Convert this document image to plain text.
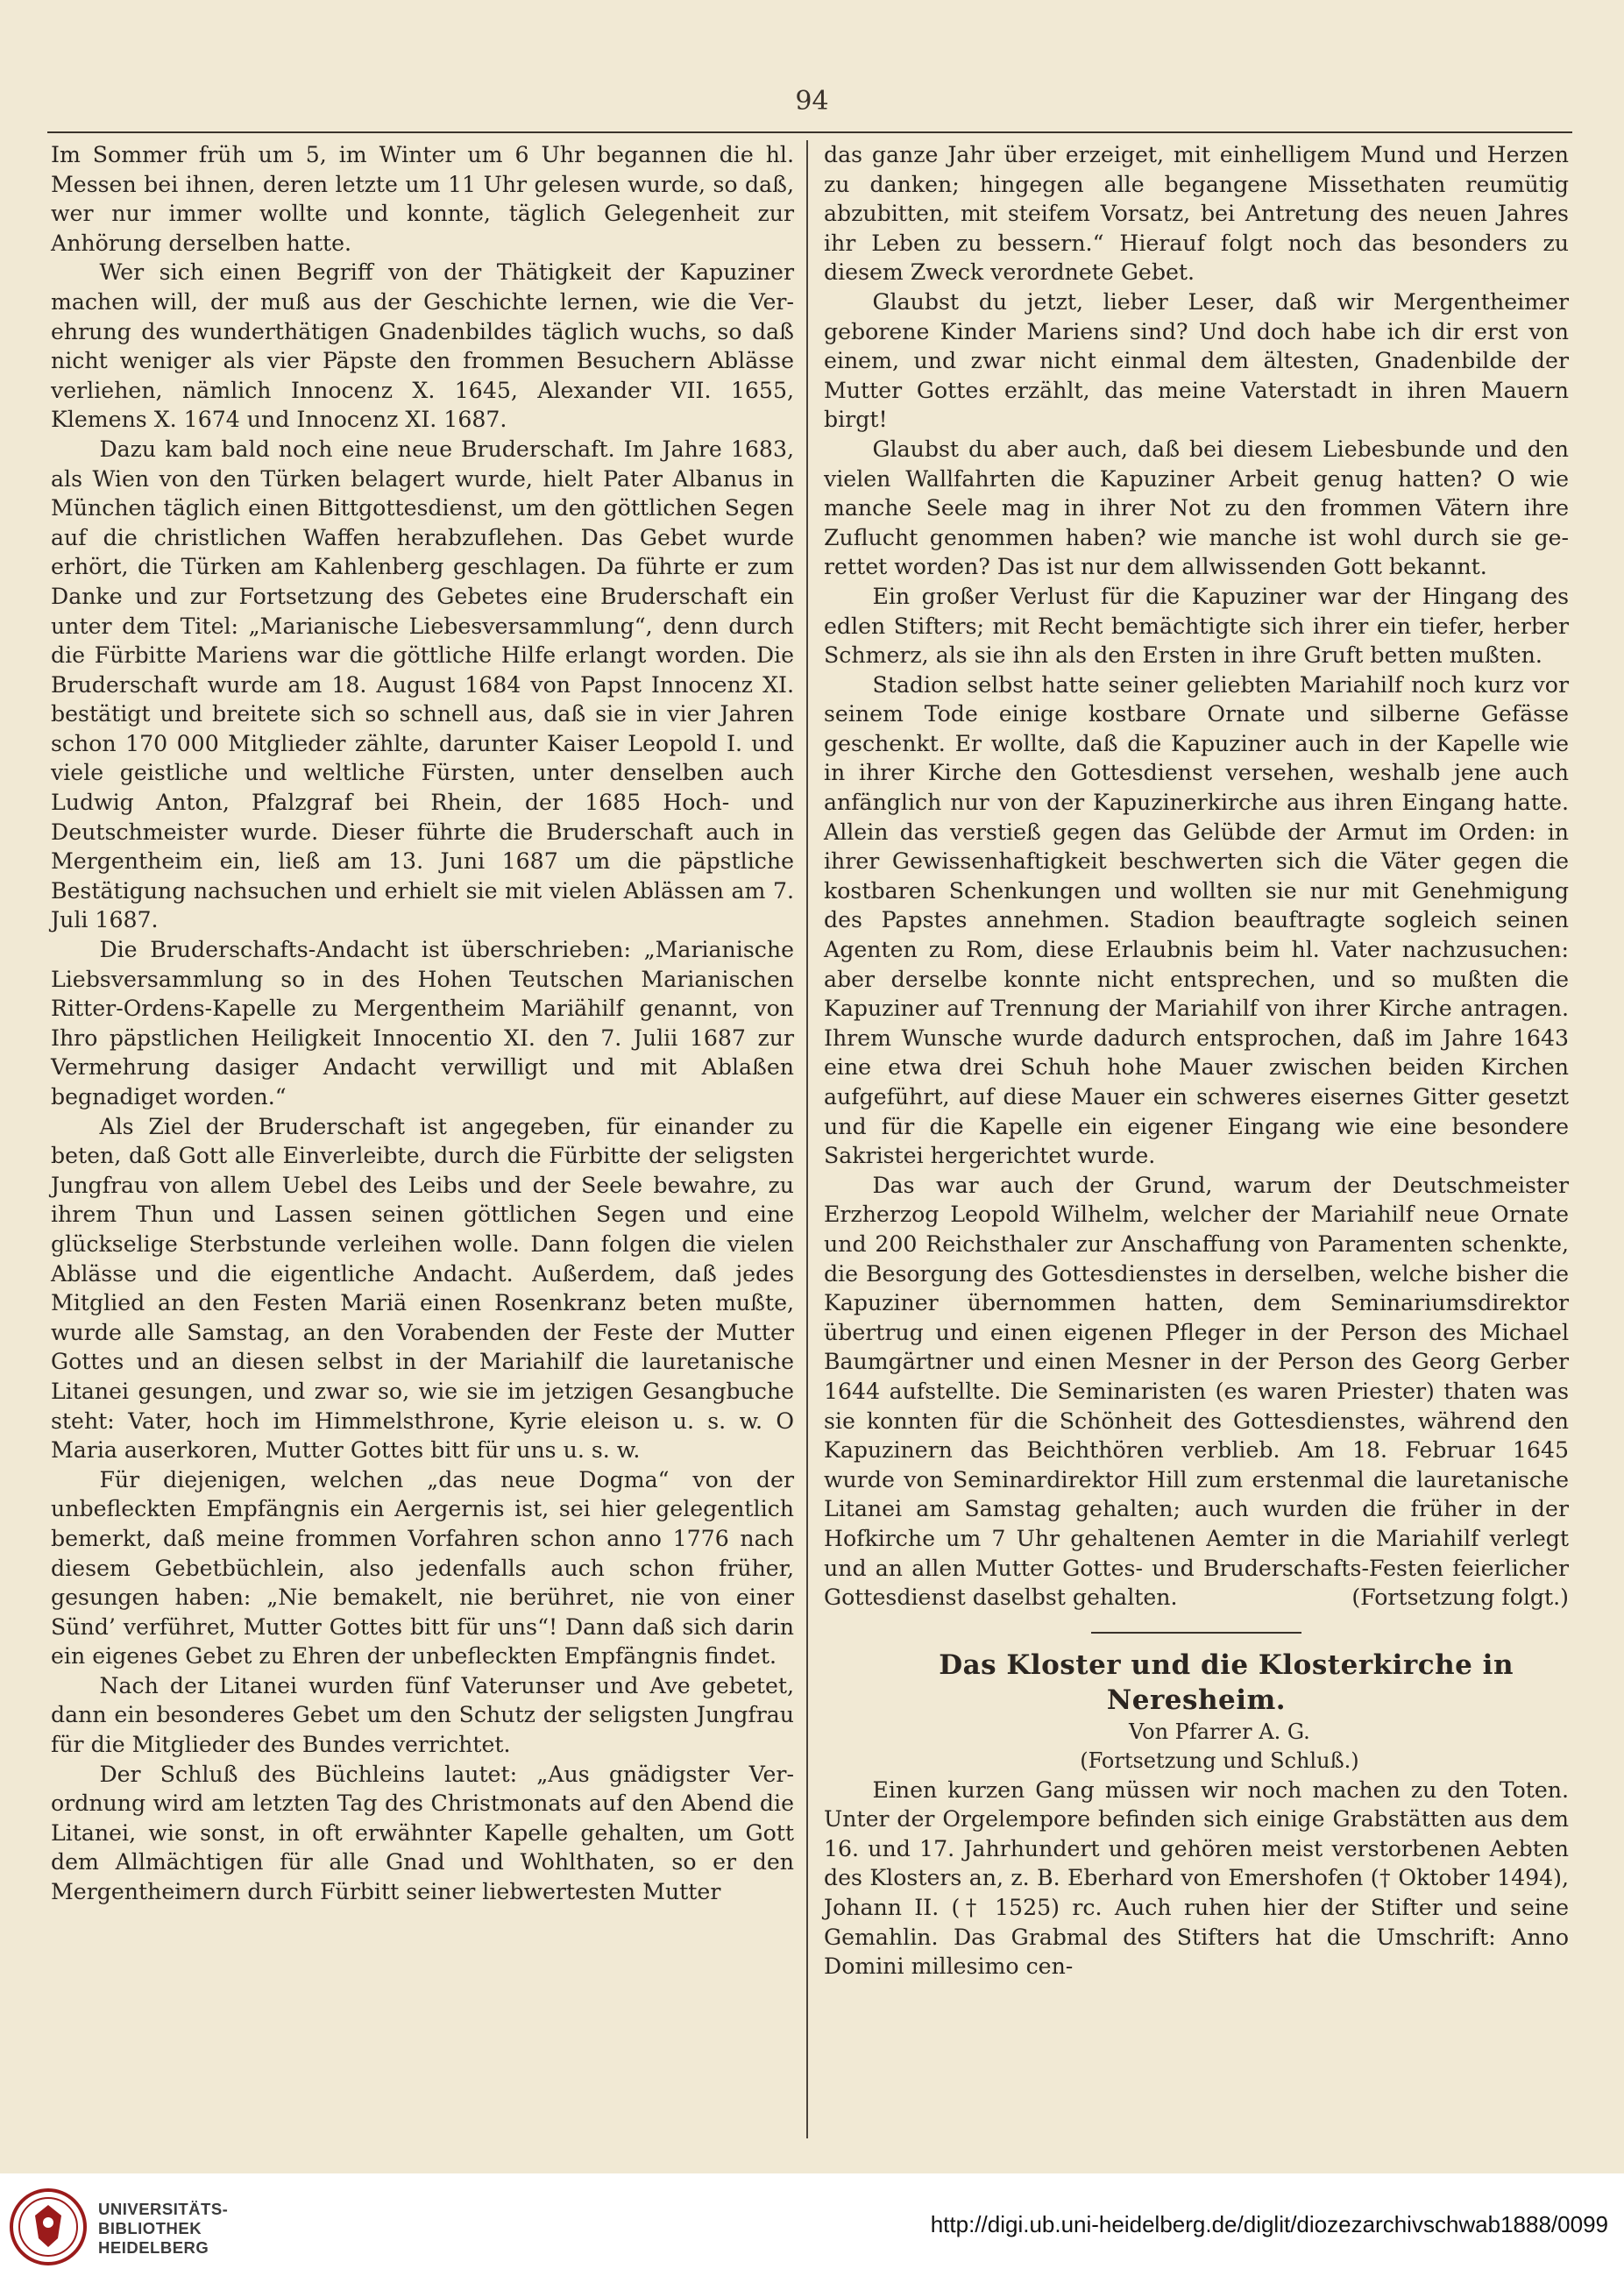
94

Im Sommer früh um 5, im Winter um 6 Uhr begannen die hl. Messen bei ihnen, deren letzte um 11 Uhr gelesen wurde, so daß, wer nur immer wollte und konnte, täglich Gelegenheit zur Anhörung derselben hatte.

Wer sich einen Begriff von der Thätigkeit der Kapuziner machen will, der muß aus der Geschichte lernen, wie die Verehrung des wunderthätigen Gnadenbildes täglich wuchs, so daß nicht weniger als vier Päpste den frommen Besuchern Ablässe verliehen, nämlich Innocenz X. 1645, Alexander VII. 1655, Klemens X. 1674 und Innocenz XI. 1687.

Dazu kam bald noch eine neue Bruderschaft. Im Jahre 1683, als Wien von den Türken belagert wurde, hielt Pater Albanus in München täglich einen Bittgottesdienst, um den göttlichen Segen auf die christlichen Waffen herabzuflehen. Das Gebet wurde erhört, die Türken am Kahlenberg geschlagen. Da führte er zum Danke und zur Fortsetzung des Gebetes eine Bruderschaft ein unter dem Titel: „Marianische Liebesversammlung“, denn durch die Fürbitte Mariens war die göttliche Hilfe erlangt worden. Die Bruderschaft wurde am 18. August 1684 von Papst Innocenz XI. bestätigt und breitete sich so schnell aus, daß sie in vier Jahren schon 170 000 Mitglieder zählte, darunter Kaiser Leopold I. und viele geistliche und weltliche Fürsten, unter denselben auch Ludwig Anton, Pfalzgraf bei Rhein, der 1685 Hoch- und Deutschmeister wurde. Dieser führte die Bruderschaft auch in Mergentheim ein, ließ am 13. Juni 1687 um die päpstliche Bestätigung nachsuchen und erhielt sie mit vielen Ablässen am 7. Juli 1687.

Die Bruderschafts-Andacht ist überschrieben: „Marianische Liebsversammlung so in des Hohen Teutschen Marianischen Ritter-Ordens-Kapelle zu Mergentheim Mariähilf genannt, von Ihro päpstlichen Heiligkeit Innocentio XI. den 7. Julii 1687 zur Vermehrung dasiger Andacht verwilligt und mit Ablaßen begnadiget worden.“

Als Ziel der Bruderschaft ist angegeben, für einander zu beten, daß Gott alle Einverleibte, durch die Fürbitte der seligsten Jungfrau von allem Uebel des Leibs und der Seele bewahre, zu ihrem Thun und Lassen seinen göttlichen Segen und eine glückselige Sterbstunde verleihen wolle. Dann folgen die vielen Ablässe und die eigentliche Andacht. Außerdem, daß jedes Mitglied an den Festen Mariä einen Rosenkranz beten mußte, wurde alle Samstag, an den Vorabenden der Feste der Mutter Gottes und an diesen selbst in der Mariahilf die lauretanische Litanei gesungen, und zwar so, wie sie im jetzigen Gesangbuche steht: Vater, hoch im Himmelsthrone, Kyrie eleison u. s. w. O Maria auserkoren, Mutter Gottes bitt für uns u. s. w.

Für diejenigen, welchen „das neue Dogma“ von der unbefleckten Empfängnis ein Aergernis ist, sei hier gelegentlich bemerkt, daß meine frommen Vorfahren schon anno 1776 nach diesem Gebetbüchlein, also jedenfalls auch schon früher, gesungen haben: „Nie bemakelt, nie berühret, nie von einer Sünd’ verführet, Mutter Gottes bitt für uns“! Dann daß sich darin ein eigenes Gebet zu Ehren der unbefleckten Empfängnis findet.

Nach der Litanei wurden fünf Vaterunser und Ave gebetet, dann ein besonderes Gebet um den Schutz der seligsten Jungfrau für die Mitglieder des Bundes verrichtet.

Der Schluß des Büchleins lautet: „Aus gnädigster Verordnung wird am letzten Tag des Christmonats auf den Abend die Litanei, wie sonst, in oft erwähnter Kapelle gehalten, um Gott dem Allmächtigen für alle Gnad und Wohlthaten, so er den Mergentheimern durch Fürbitt seiner liebwertesten Mutter

das ganze Jahr über erzeiget, mit einhelligem Mund und Herzen zu danken; hingegen alle begangene Missethaten reumütig abzubitten, mit steifem Vorsatz, bei Antretung des neuen Jahres ihr Leben zu bessern.“ Hierauf folgt noch das besonders zu diesem Zweck verordnete Gebet.

Glaubst du jetzt, lieber Leser, daß wir Mergentheimer geborene Kinder Mariens sind? Und doch habe ich dir erst von einem, und zwar nicht einmal dem ältesten, Gnadenbilde der Mutter Gottes erzählt, das meine Vaterstadt in ihren Mauern birgt!

Glaubst du aber auch, daß bei diesem Liebesbunde und den vielen Wallfahrten die Kapuziner Arbeit genug hatten? O wie manche Seele mag in ihrer Not zu den frommen Vätern ihre Zuflucht genommen haben? wie manche ist wohl durch sie gerettet worden? Das ist nur dem allwissenden Gott bekannt.

Ein großer Verlust für die Kapuziner war der Hingang des edlen Stifters; mit Recht bemächtigte sich ihrer ein tiefer, herber Schmerz, als sie ihn als den Ersten in ihre Gruft betten mußten.

Stadion selbst hatte seiner geliebten Mariahilf noch kurz vor seinem Tode einige kostbare Ornate und silberne Gefässe geschenkt. Er wollte, daß die Kapuziner auch in der Kapelle wie in ihrer Kirche den Gottesdienst versehen, weshalb jene auch anfänglich nur von der Kapuzinerkirche aus ihren Eingang hatte. Allein das verstieß gegen das Gelübde der Armut im Orden: in ihrer Gewissenhaftigkeit beschwerten sich die Väter gegen die kostbaren Schenkungen und wollten sie nur mit Genehmigung des Papstes annehmen. Stadion beauftragte sogleich seinen Agenten zu Rom, diese Erlaubnis beim hl. Vater nachzusuchen: aber derselbe konnte nicht entsprechen, und so mußten die Kapuziner auf Trennung der Mariahilf von ihrer Kirche antragen. Ihrem Wunsche wurde dadurch entsprochen, daß im Jahre 1643 eine etwa drei Schuh hohe Mauer zwischen beiden Kirchen aufgeführt, auf diese Mauer ein schweres eisernes Gitter gesetzt und für die Kapelle ein eigener Eingang wie eine besondere Sakristei hergerichtet wurde.

Das war auch der Grund, warum der Deutschmeister Erzherzog Leopold Wilhelm, welcher der Mariahilf neue Ornate und 200 Reichsthaler zur Anschaffung von Paramenten schenkte, die Besorgung des Gottesdienstes in derselben, welche bisher die Kapuziner übernommen hatten, dem Seminariumsdirektor übertrug und einen eigenen Pfleger in der Person des Michael Baumgärtner und einen Mesner in der Person des Georg Gerber 1644 aufstellte. Die Seminaristen (es waren Priester) thaten was sie konnten für die Schönheit des Gottesdienstes, während den Kapuzinern das Beichthören verblieb. Am 18. Februar 1645 wurde von Seminardirektor Hill zum erstenmal die lauretanische Litanei am Samstag gehalten; auch wurden die früher in der Hofkirche um 7 Uhr gehaltenen Aemter in die Mariahilf verlegt und an allen Mutter Gottes- und Bruderschafts-Festen feierlicher Gottesdienst daselbst gehalten.	(Fortsetzung folgt.)

Das Kloster und die Klosterkirche in Neresheim.

Von Pfarrer A. G.

(Fortsetzung und Schluß.)

Einen kurzen Gang müssen wir noch machen zu den Toten. Unter der Orgelempore befinden sich einige Grabstätten aus dem 16. und 17. Jahrhundert und gehören meist verstorbenen Aebten des Klosters an, z. B. Eberhard von Emershofen († Oktober 1494), Johann II. († 1525) rc. Auch ruhen hier der Stifter und seine Gemahlin. Das Grabmal des Stifters hat die Umschrift: Anno Domini millesimo cen-

UNIVERSITÄTS-
BIBLIOTHEK
HEIDELBERG
http://digi.ub.uni-heidelberg.de/diglit/diozezarchivschwab1888/0099
